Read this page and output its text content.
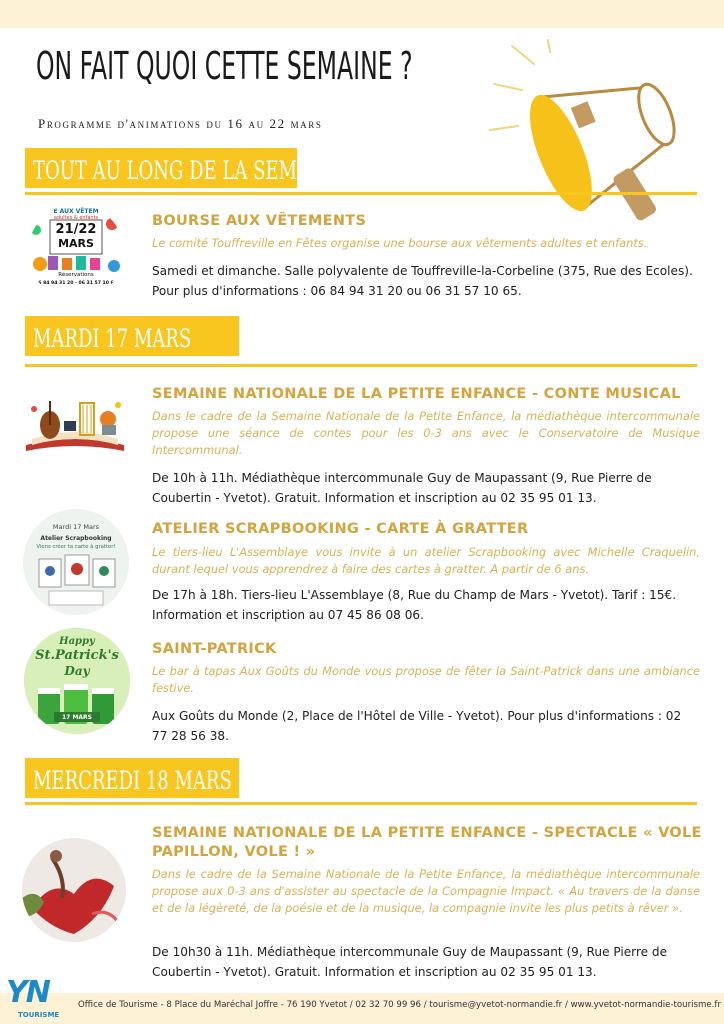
ON FAIT QUOI CETTE SEMAINE ?
Programme d'animations du 16 au 22 mars
TOUT AU LONG DE LA SEMAINE
E AUX VÊTEM
adultes & enfants
21/22
MARS
Réservations
06 84 94 31 20 - 06 31 57 10 65
BOURSE AUX VÊTEMENTS
Le comité Touffreville en Fêtes organise une bourse aux vêtements adultes et enfants.
Samedi et dimanche. Salle polyvalente de Touffreville-la-Corbeline (375, Rue des Ecoles). Pour plus d'informations : 06 84 94 31 20 ou 06 31 57 10 65.
MARDI 17 MARS
SEMAINE NATIONALE DE LA PETITE ENFANCE - CONTE MUSICAL
Dans le cadre de la Semaine Nationale de la Petite Enfance, la médiathèque intercommunale propose une séance de contes pour les 0-3 ans avec le Conservatoire de Musique Intercommunal.
De 10h à 11h. Médiathèque intercommunale Guy de Maupassant (9, Rue Pierre de Coubertin - Yvetot). Gratuit. Information et inscription au 02 35 95 01 13.
Mardi 17 Mars
Atelier Scrapbooking
Viens créer ta carte à gratter!
ATELIER SCRAPBOOKING - CARTE À GRATTER
Le tiers-lieu L'Assemblaye vous invite à un atelier Scrapbooking avec Michelle Craquelin, durant lequel vous apprendrez à faire des cartes à gratter. A partir de 6 ans.
De 17h à 18h. Tiers-lieu L'Assemblaye (8, Rue du Champ de Mars - Yvetot). Tarif : 15€. Information et inscription au 07 45 86 08 06.
Happy
St.Patrick's
Day
17 MARS
SAINT-PATRICK
Le bar à tapas Aux Goûts du Monde vous propose de fêter la Saint-Patrick dans une ambiance festive.
Aux Goûts du Monde (2, Place de l'Hôtel de Ville - Yvetot). Pour plus d'informations : 02 77 28 56 38.
MERCREDI 18 MARS
SEMAINE NATIONALE DE LA PETITE ENFANCE - SPECTACLE « VOLE PAPILLON, VOLE ! »
Dans le cadre de la Semaine Nationale de la Petite Enfance, la médiathèque intercommunale propose aux 0-3 ans d'assister au spectacle de la Compagnie Impact. « Au travers de la danse et de la légèreté, de la poésie et de la musique, la compagnie invite les plus petits à rêver ».
De 10h30 à 11h. Médiathèque intercommunale Guy de Maupassant (9, Rue Pierre de Coubertin - Yvetot). Gratuit. Information et inscription au 02 35 95 01 13.
YN
TOURISME
Office de Tourisme - 8 Place du Maréchal Joffre - 76 190 Yvetot / 02 32 70 99 96 / tourisme@yvetot-normandie.fr / www.yvetot-normandie-tourisme.fr
